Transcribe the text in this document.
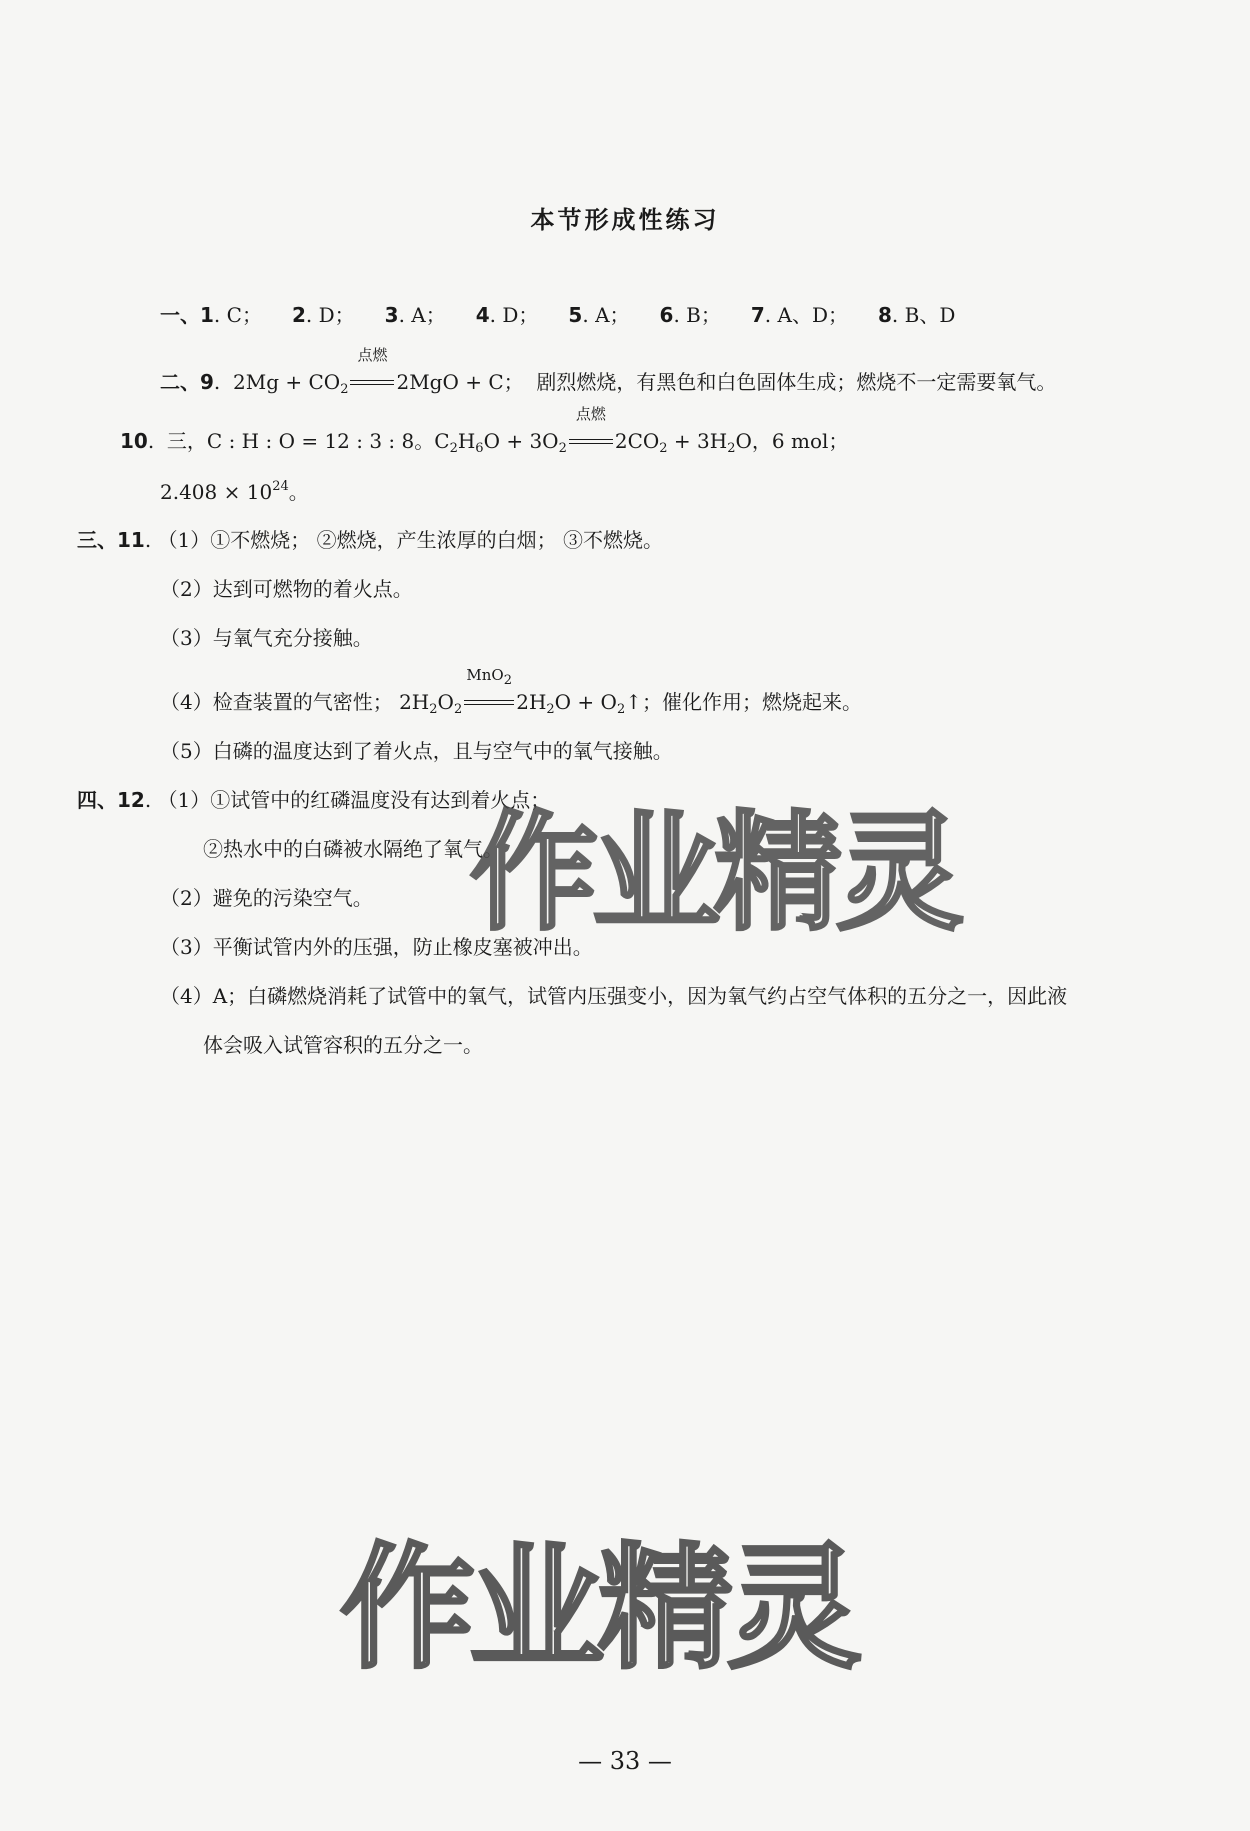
本节形成性练习
一、1. C； 2. D； 3. A； 4. D； 5. A； 6. B； 7. A、D； 8. B、D
二、9.  $2Mg + CO_2$
点燃
2MgO + C； 剧烈燃烧，有黑色和白色固体生成；燃烧不一定需要氧气。
10.  三，C : H : O = 12 : 3 : 8。$C_2H_6O + 3O_2$
点燃
$2CO_2 + 3H_2O$，6 mol；
$2.408 \times 10^{24}$。
三、11. （1）①不燃烧； ②燃烧，产生浓厚的白烟； ③不燃烧。
（2）达到可燃物的着火点。
（3）与氧气充分接触。
（4）检查装置的气密性； $2H_2O_2$
MnO$_2$
$2H_2O$ + $O_2↑$；催化作用；燃烧起来。
（5）白磷的温度达到了着火点，且与空气中的氧气接触。
四、12. （1）①试管中的红磷温度没有达到着火点；
②热水中的白磷被水隔绝了氧气。
（2）避免的污染空气。
（3）平衡试管内外的压强，防止橡皮塞被冲出。
（4）A；白磷燃烧消耗了试管中的氧气，试管内压强变小，因为氧气约占空气体积的五分之一，因此液
体会吸入试管容积的五分之一。
作业精灵
作业精灵
— 33 —
